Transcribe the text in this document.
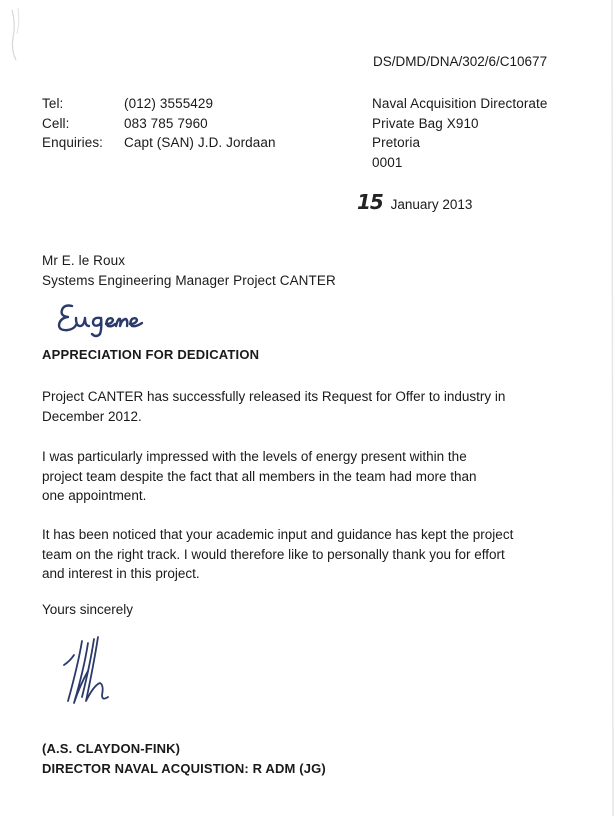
DS/DMD/DNA/302/6/C10677
Tel:	(012) 3555429
Cell:	083 785 7960
Enquiries: Capt (SAN) J.D. Jordaan
Naval Acquisition Directorate
Private Bag X910
Pretoria
0001
15 January 2013
Mr E. le Roux
Systems Engineering Manager Project CANTER
APPRECIATION FOR DEDICATION
Project CANTER has successfully released its Request for Offer to industry in
December 2012.
I was particularly impressed with the levels of energy present within the
project team despite the fact that all members in the team had more than
one appointment.
It has been noticed that your academic input and guidance has kept the project
team on the right track. I would therefore like to personally thank you for effort
and interest in this project.
Yours sincerely
(A.S. CLAYDON-FINK)
DIRECTOR NAVAL ACQUISTION: R ADM (JG)
